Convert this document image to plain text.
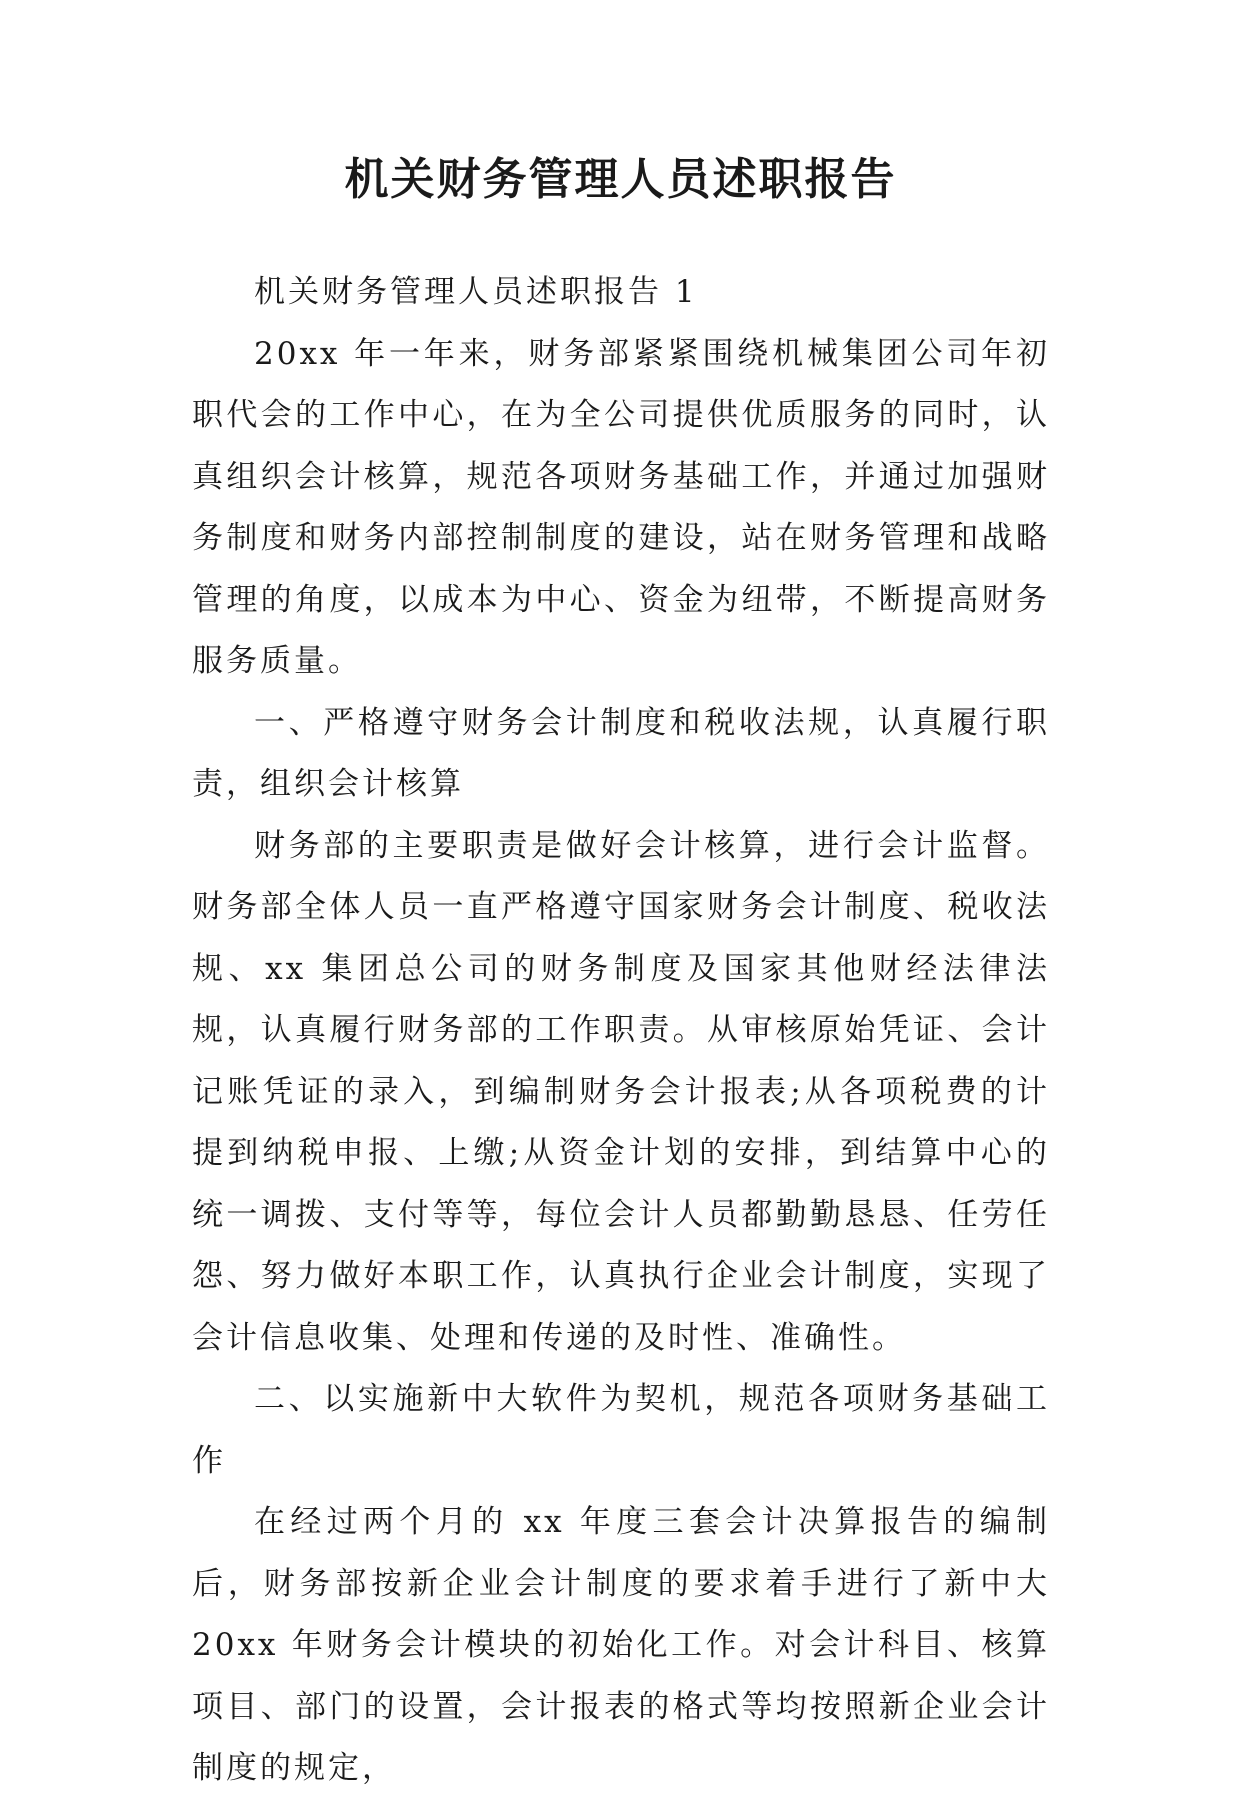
机关财务管理人员述职报告

机关财务管理人员述职报告 1

20xx 年一年来，财务部紧紧围绕机械集团公司年初职代会的工作中心，在为全公司提供优质服务的同时，认真组织会计核算，规范各项财务基础工作，并通过加强财务制度和财务内部控制制度的建设，站在财务管理和战略管理的角度，以成本为中心、资金为纽带，不断提高财务服务质量。

一、严格遵守财务会计制度和税收法规，认真履行职责，组织会计核算

财务部的主要职责是做好会计核算，进行会计监督。财务部全体人员一直严格遵守国家财务会计制度、税收法规、xx 集团总公司的财务制度及国家其他财经法律法规，认真履行财务部的工作职责。从审核原始凭证、会计记账凭证的录入，到编制财务会计报表;从各项税费的计提到纳税申报、上缴;从资金计划的安排，到结算中心的统一调拨、支付等等，每位会计人员都勤勤恳恳、任劳任怨、努力做好本职工作，认真执行企业会计制度，实现了会计信息收集、处理和传递的及时性、准确性。

二、以实施新中大软件为契机，规范各项财务基础工作

在经过两个月的 xx 年度三套会计决算报告的编制后，财务部按新企业会计制度的要求着手进行了新中大 20xx 年财务会计模块的初始化工作。对会计科目、核算项目、部门的设置，会计报表的格式等均按照新企业会计制度的规定，
